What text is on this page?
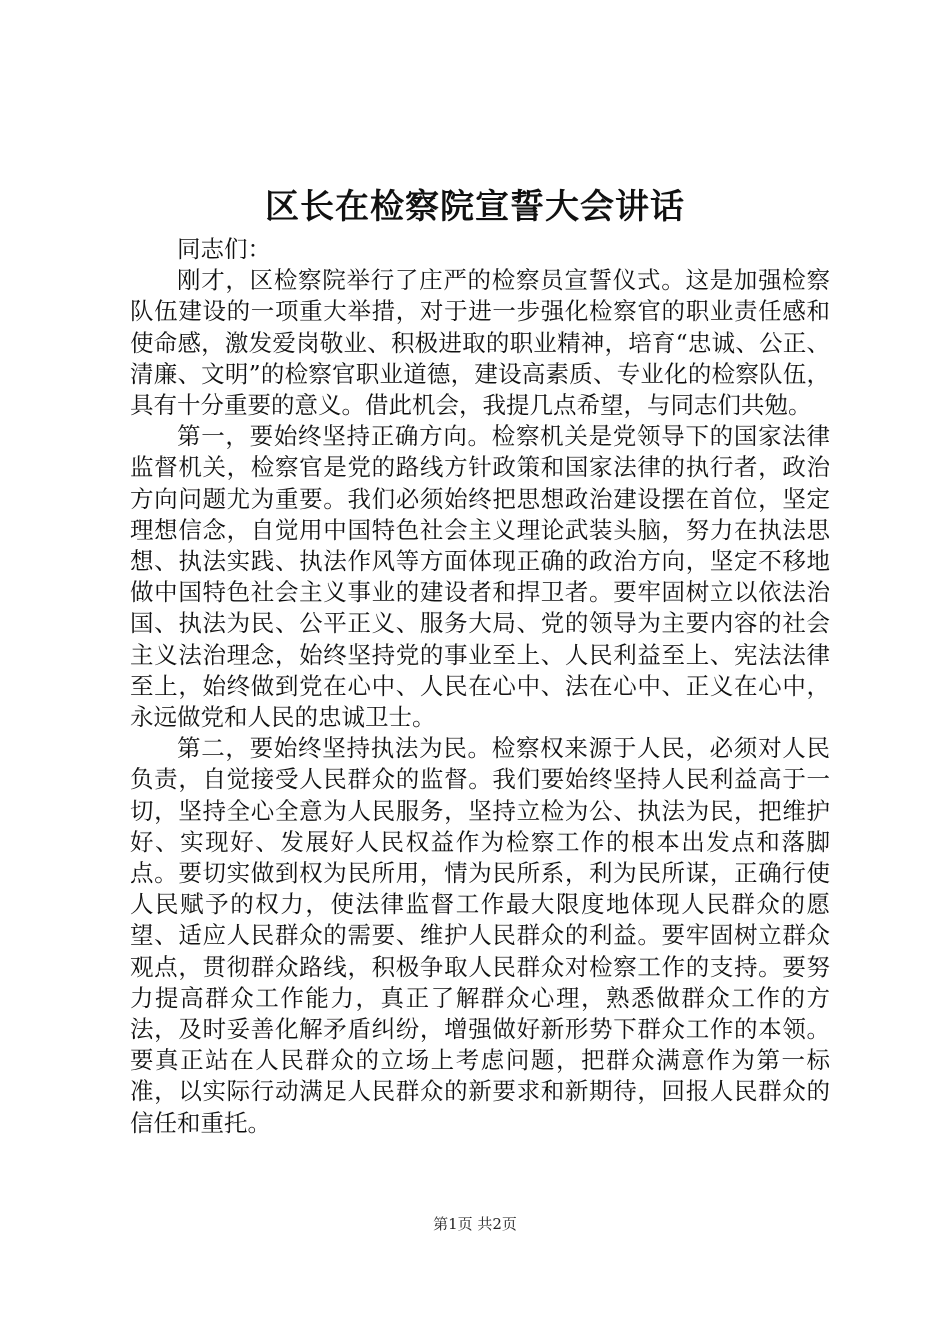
区长在检察院宣誓大会讲话

同志们：

刚才，区检察院举行了庄严的检察员宣誓仪式。这是加强检察队伍建设的一项重大举措，对于进一步强化检察官的职业责任感和使命感，激发爱岗敬业、积极进取的职业精神，培育“忠诚、公正、清廉、文明”的检察官职业道德，建设高素质、专业化的检察队伍，具有十分重要的意义。借此机会，我提几点希望，与同志们共勉。

第一，要始终坚持正确方向。检察机关是党领导下的国家法律监督机关，检察官是党的路线方针政策和国家法律的执行者，政治方向问题尤为重要。我们必须始终把思想政治建设摆在首位，坚定理想信念，自觉用中国特色社会主义理论武装头脑，努力在执法思想、执法实践、执法作风等方面体现正确的政治方向，坚定不移地做中国特色社会主义事业的建设者和捍卫者。要牢固树立以依法治国、执法为民、公平正义、服务大局、党的领导为主要内容的社会主义法治理念，始终坚持党的事业至上、人民利益至上、宪法法律至上，始终做到党在心中、人民在心中、法在心中、正义在心中，永远做党和人民的忠诚卫士。

第二，要始终坚持执法为民。检察权来源于人民，必须对人民负责，自觉接受人民群众的监督。我们要始终坚持人民利益高于一切，坚持全心全意为人民服务，坚持立检为公、执法为民，把维护好、实现好、发展好人民权益作为检察工作的根本出发点和落脚点。要切实做到权为民所用，情为民所系，利为民所谋，正确行使人民赋予的权力，使法律监督工作最大限度地体现人民群众的愿望、适应人民群众的需要、维护人民群众的利益。要牢固树立群众观点，贯彻群众路线，积极争取人民群众对检察工作的支持。要努力提高群众工作能力，真正了解群众心理，熟悉做群众工作的方法，及时妥善化解矛盾纠纷，增强做好新形势下群众工作的本领。要真正站在人民群众的立场上考虑问题，把群众满意作为第一标准，以实际行动满足人民群众的新要求和新期待，回报人民群众的信任和重托。

第1页 共2页
